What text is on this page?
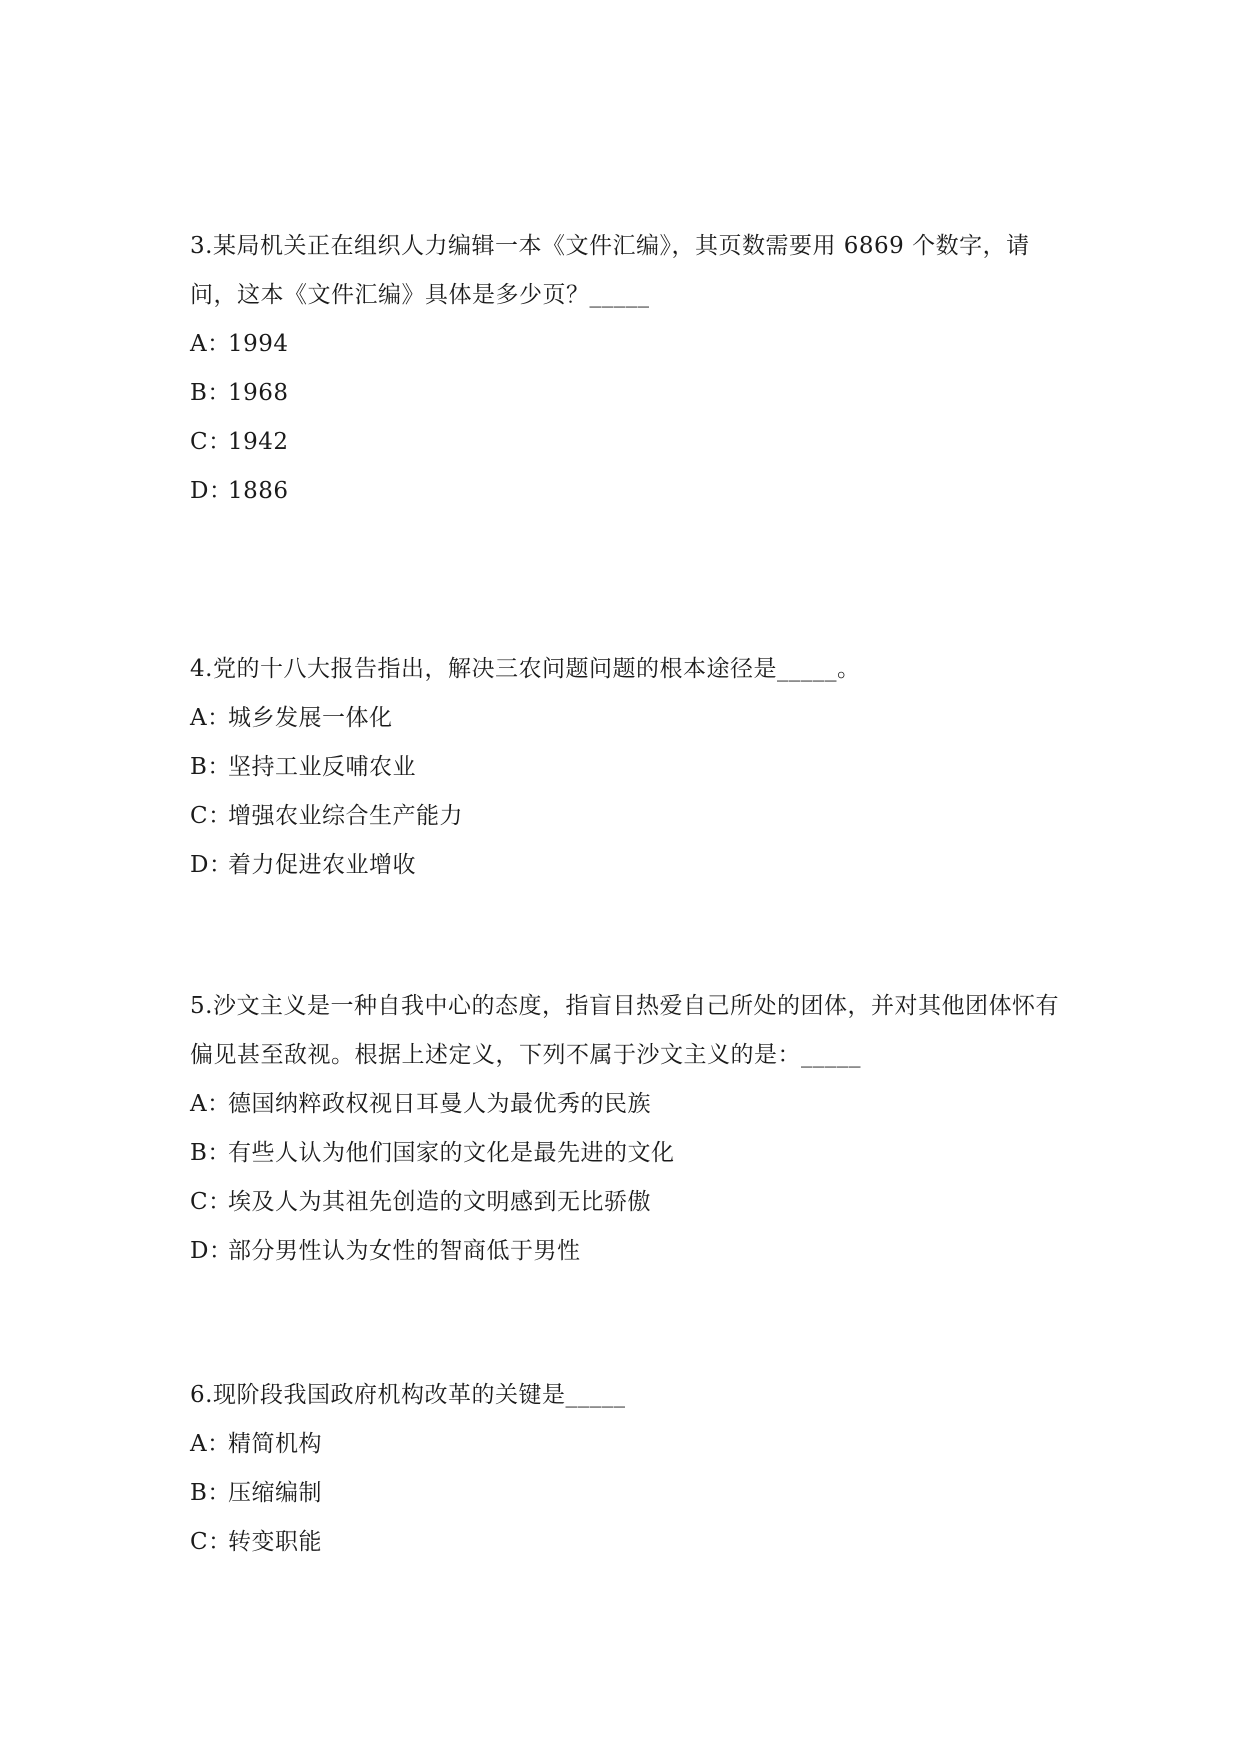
3.某局机关正在组织人力编辑一本《文件汇编》，其页数需要用 6869 个数字，请问，这本《文件汇编》具体是多少页？_____

A：1994

B：1968

C：1942

D：1886

4.党的十八大报告指出，解决三农问题问题的根本途径是_____。

A：城乡发展一体化

B：坚持工业反哺农业

C：增强农业综合生产能力

D：着力促进农业增收

5.沙文主义是一种自我中心的态度，指盲目热爱自己所处的团体，并对其他团体怀有偏见甚至敌视。根据上述定义，下列不属于沙文主义的是：_____

A：德国纳粹政权视日耳曼人为最优秀的民族

B：有些人认为他们国家的文化是最先进的文化

C：埃及人为其祖先创造的文明感到无比骄傲

D：部分男性认为女性的智商低于男性

6.现阶段我国政府机构改革的关键是_____

A：精简机构

B：压缩编制

C：转变职能
